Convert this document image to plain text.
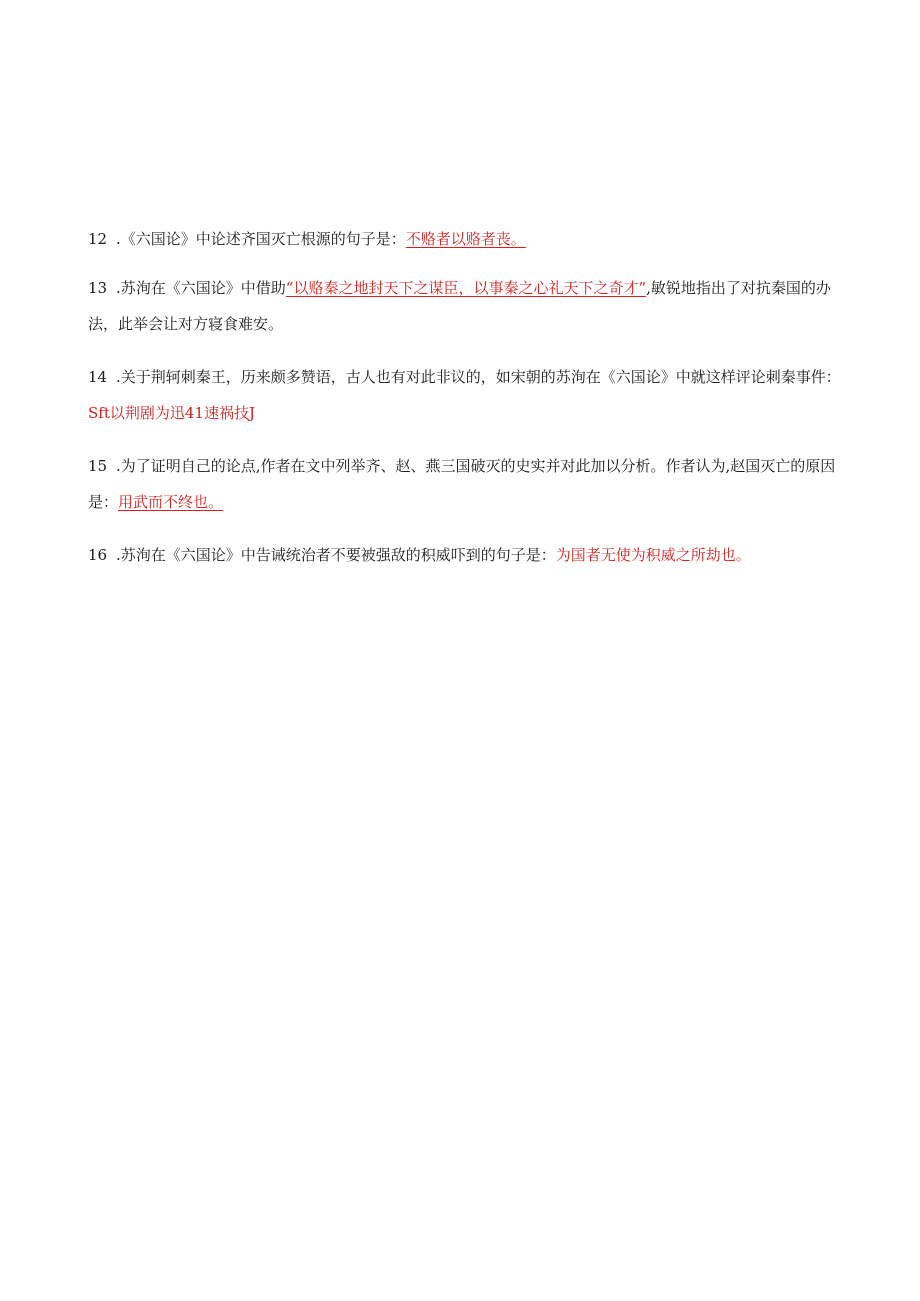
12 .《六国论》中论述齐国灭亡根源的句子是：不赂者以赂者丧。
13 .苏洵在《六国论》中借助“以赂秦之地封天下之谋臣，以事秦之心礼天下之奇才”,敏锐地指出了对抗秦国的办法，此举会让对方寝食难安。
14 .关于荆轲刺秦王，历来颇多赞语，古人也有对此非议的，如宋朝的苏洵在《六国论》中就这样评论刺秦事件：Sft以荆剧为迅41速祸技J
15 .为了证明自己的论点,作者在文中列举齐、赵、燕三国破灭的史实并对此加以分析。作者认为,赵国灭亡的原因是：用武而不终也。
16 .苏洵在《六国论》中告诫统治者不要被强敌的积威吓到的句子是：为国者无使为积威之所劫也。
